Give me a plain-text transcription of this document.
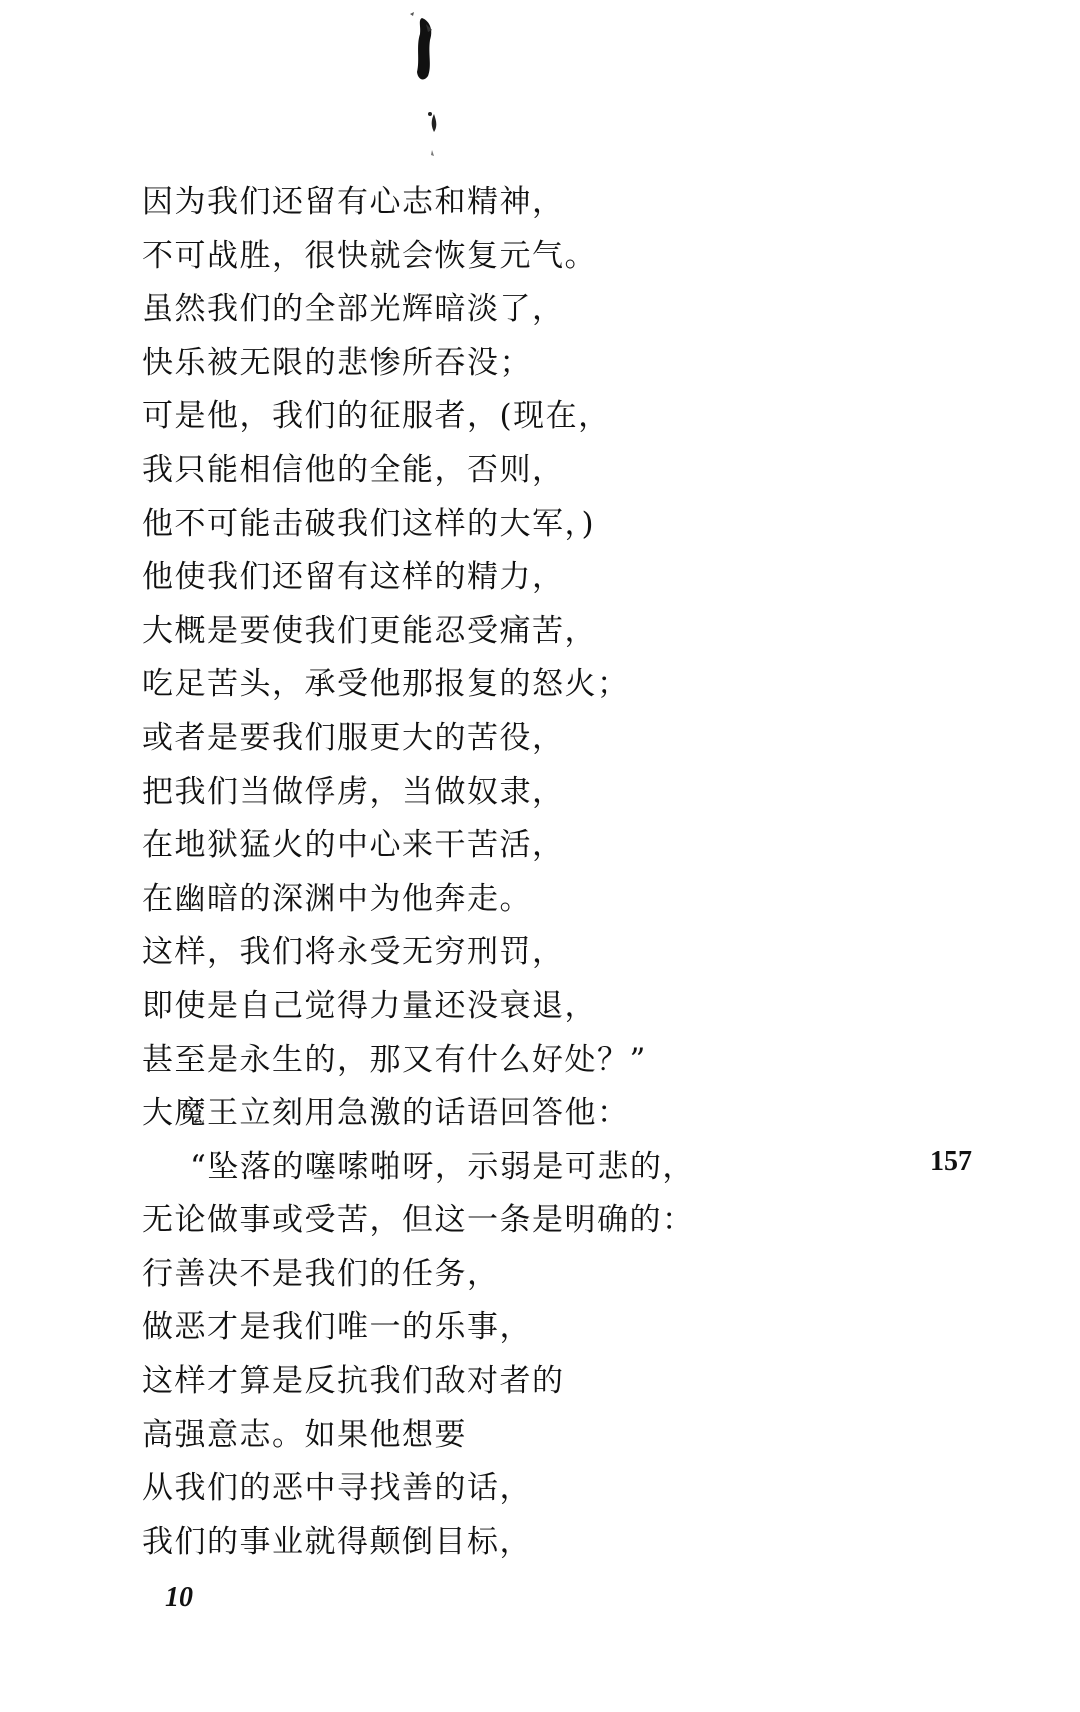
因为我们还留有心志和精神，
不可战胜，很快就会恢复元气。
虽然我们的全部光辉暗淡了，
快乐被无限的悲惨所吞没；
可是他，我们的征服者，(现在，
我只能相信他的全能，否则，
他不可能击破我们这样的大军，)
他使我们还留有这样的精力，
大概是要使我们更能忍受痛苦，
吃足苦头，承受他那报复的怒火；
或者是要我们服更大的苦役，
把我们当做俘虏，当做奴隶，
在地狱猛火的中心来干苦活，
在幽暗的深渊中为他奔走。
这样，我们将永受无穷刑罚，
即使是自己觉得力量还没衰退，
甚至是永生的，那又有什么好处？”
大魔王立刻用急激的话语回答他：
“坠落的噻嗦啪呀，示弱是可悲的，
无论做事或受苦，但这一条是明确的：
行善决不是我们的任务，
做恶才是我们唯一的乐事，
这样才算是反抗我们敌对者的
高强意志。如果他想要
从我们的恶中寻找善的话，
我们的事业就得颠倒目标，
157
10
